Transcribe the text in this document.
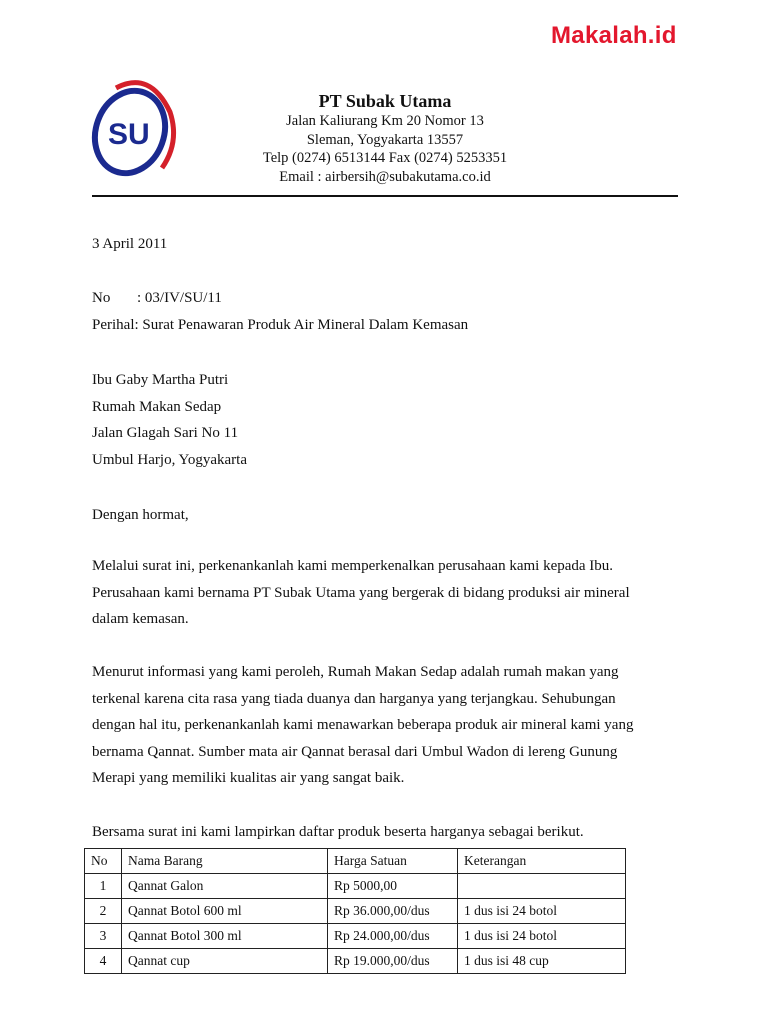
Makalah.id
SU
PT Subak Utama
Jalan Kaliurang Km 20 Nomor 13
Sleman, Yogyakarta 13557
Telp (0274) 6513144 Fax (0274) 5253351
Email : airbersih@subakutama.co.id
3 April 2011
No : 03/IV/SU/11
Perihal: Surat Penawaran Produk Air Mineral Dalam Kemasan
Ibu Gaby Martha Putri
Rumah Makan Sedap
Jalan Glagah Sari No 11
Umbul Harjo, Yogyakarta
Dengan hormat,
Melalui surat ini, perkenankanlah kami memperkenalkan perusahaan kami kepada Ibu.
Perusahaan kami bernama PT Subak Utama yang bergerak di bidang produksi air mineral
dalam kemasan.
Menurut informasi yang kami peroleh, Rumah Makan Sedap adalah rumah makan yang
terkenal karena cita rasa yang tiada duanya dan harganya yang terjangkau. Sehubungan
dengan hal itu, perkenankanlah kami menawarkan beberapa produk air mineral kami yang
bernama Qannat. Sumber mata air Qannat berasal dari Umbul Wadon di lereng Gunung
Merapi yang memiliki kualitas air yang sangat baik.
Bersama surat ini kami lampirkan daftar produk beserta harganya sebagai berikut.
No	Nama Barang	Harga Satuan	Keterangan
1	Qannat Galon	Rp 5000,00	
2	Qannat Botol 600 ml	Rp 36.000,00/dus	1 dus isi 24 botol
3	Qannat Botol 300 ml	Rp 24.000,00/dus	1 dus isi 24 botol
4	Qannat cup	Rp 19.000,00/dus	1 dus isi 48 cup
